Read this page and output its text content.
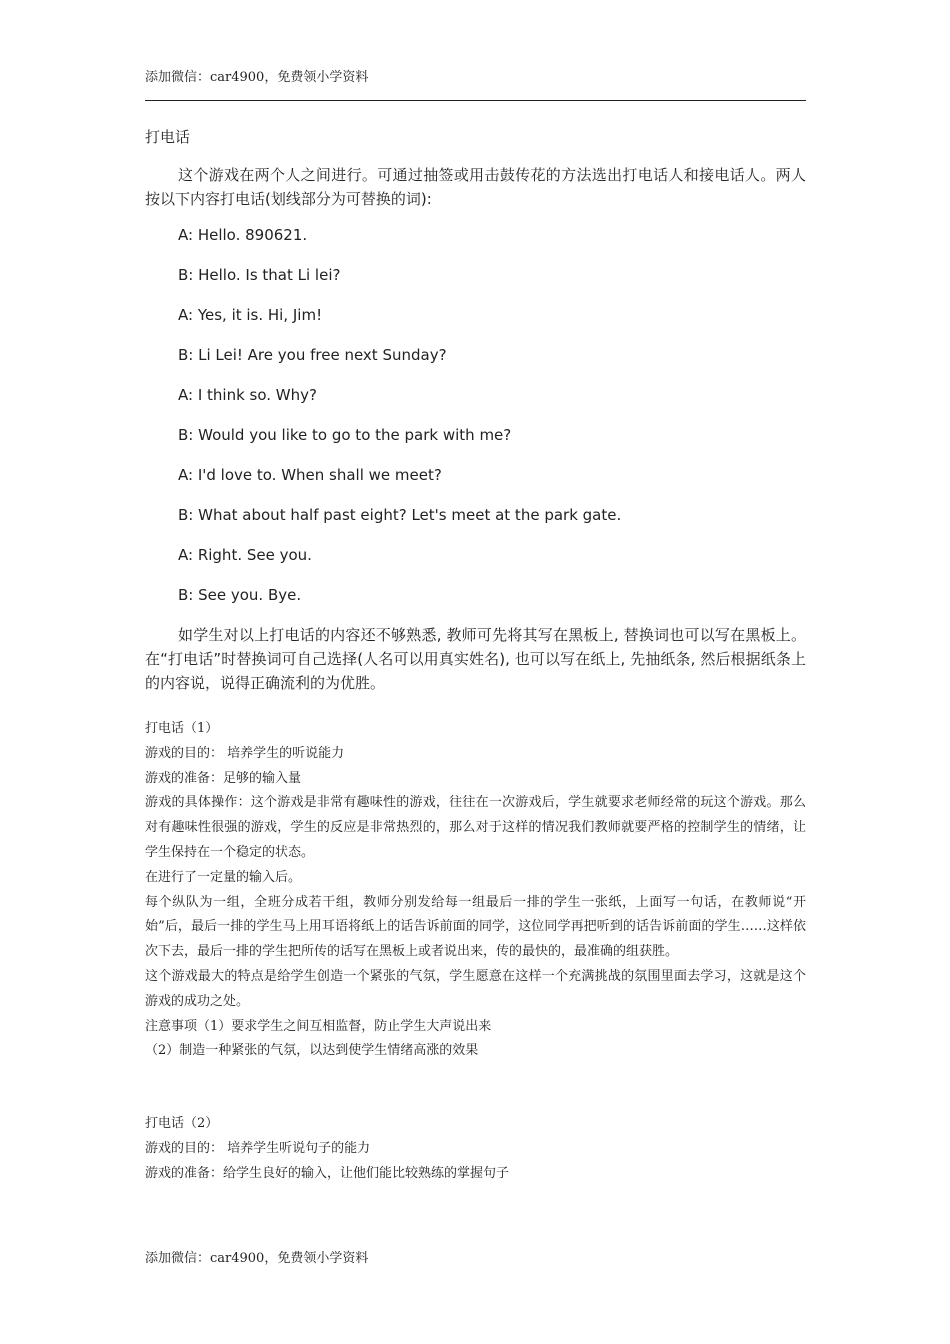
添加微信：car4900，免费领小学资料
打电话

这个游戏在两个人之间进行。可通过抽签或用击鼓传花的方法选出打电话人和接电话人。两人按以下内容打电话(划线部分为可替换的词):

A: Hello. 890621.
B: Hello. Is that Li lei?
A: Yes, it is. Hi, Jim!
B: Li Lei! Are you free next Sunday?
A: I think so. Why?
B: Would you like to go to the park with me?
A: I'd love to. When shall we meet?
B: What about half past eight? Let's meet at the park gate.
A: Right. See you.
B: See you. Bye.

如学生对以上打电话的内容还不够熟悉, 教师可先将其写在黑板上, 替换词也可以写在黑板上。在“打电话”时替换词可自己选择(人名可以用真实姓名), 也可以写在纸上, 先抽纸条, 然后根据纸条上的内容说，说得正确流利的为优胜。

打电话（1）
游戏的目的： 培养学生的听说能力
游戏的准备：足够的输入量
游戏的具体操作：这个游戏是非常有趣味性的游戏，往往在一次游戏后，学生就要求老师经常的玩这个游戏。那么对有趣味性很强的游戏，学生的反应是非常热烈的，那么对于这样的情况我们教师就要严格的控制学生的情绪，让学生保持在一个稳定的状态。
在进行了一定量的输入后。
每个纵队为一组，全班分成若干组，教师分别发给每一组最后一排的学生一张纸，上面写一句话，在教师说“开始”后，最后一排的学生马上用耳语将纸上的话告诉前面的同学，这位同学再把听到的话告诉前面的学生……这样依次下去，最后一排的学生把所传的话写在黑板上或者说出来，传的最快的，最准确的组获胜。
这个游戏最大的特点是给学生创造一个紧张的气氛，学生愿意在这样一个充满挑战的氛围里面去学习，这就是这个游戏的成功之处。
注意事项（1）要求学生之间互相监督，防止学生大声说出来
（2）制造一种紧张的气氛，以达到使学生情绪高涨的效果
打电话（2）
游戏的目的： 培养学生听说句子的能力
游戏的准备：给学生良好的输入，让他们能比较熟练的掌握句子
添加微信：car4900，免费领小学资料
